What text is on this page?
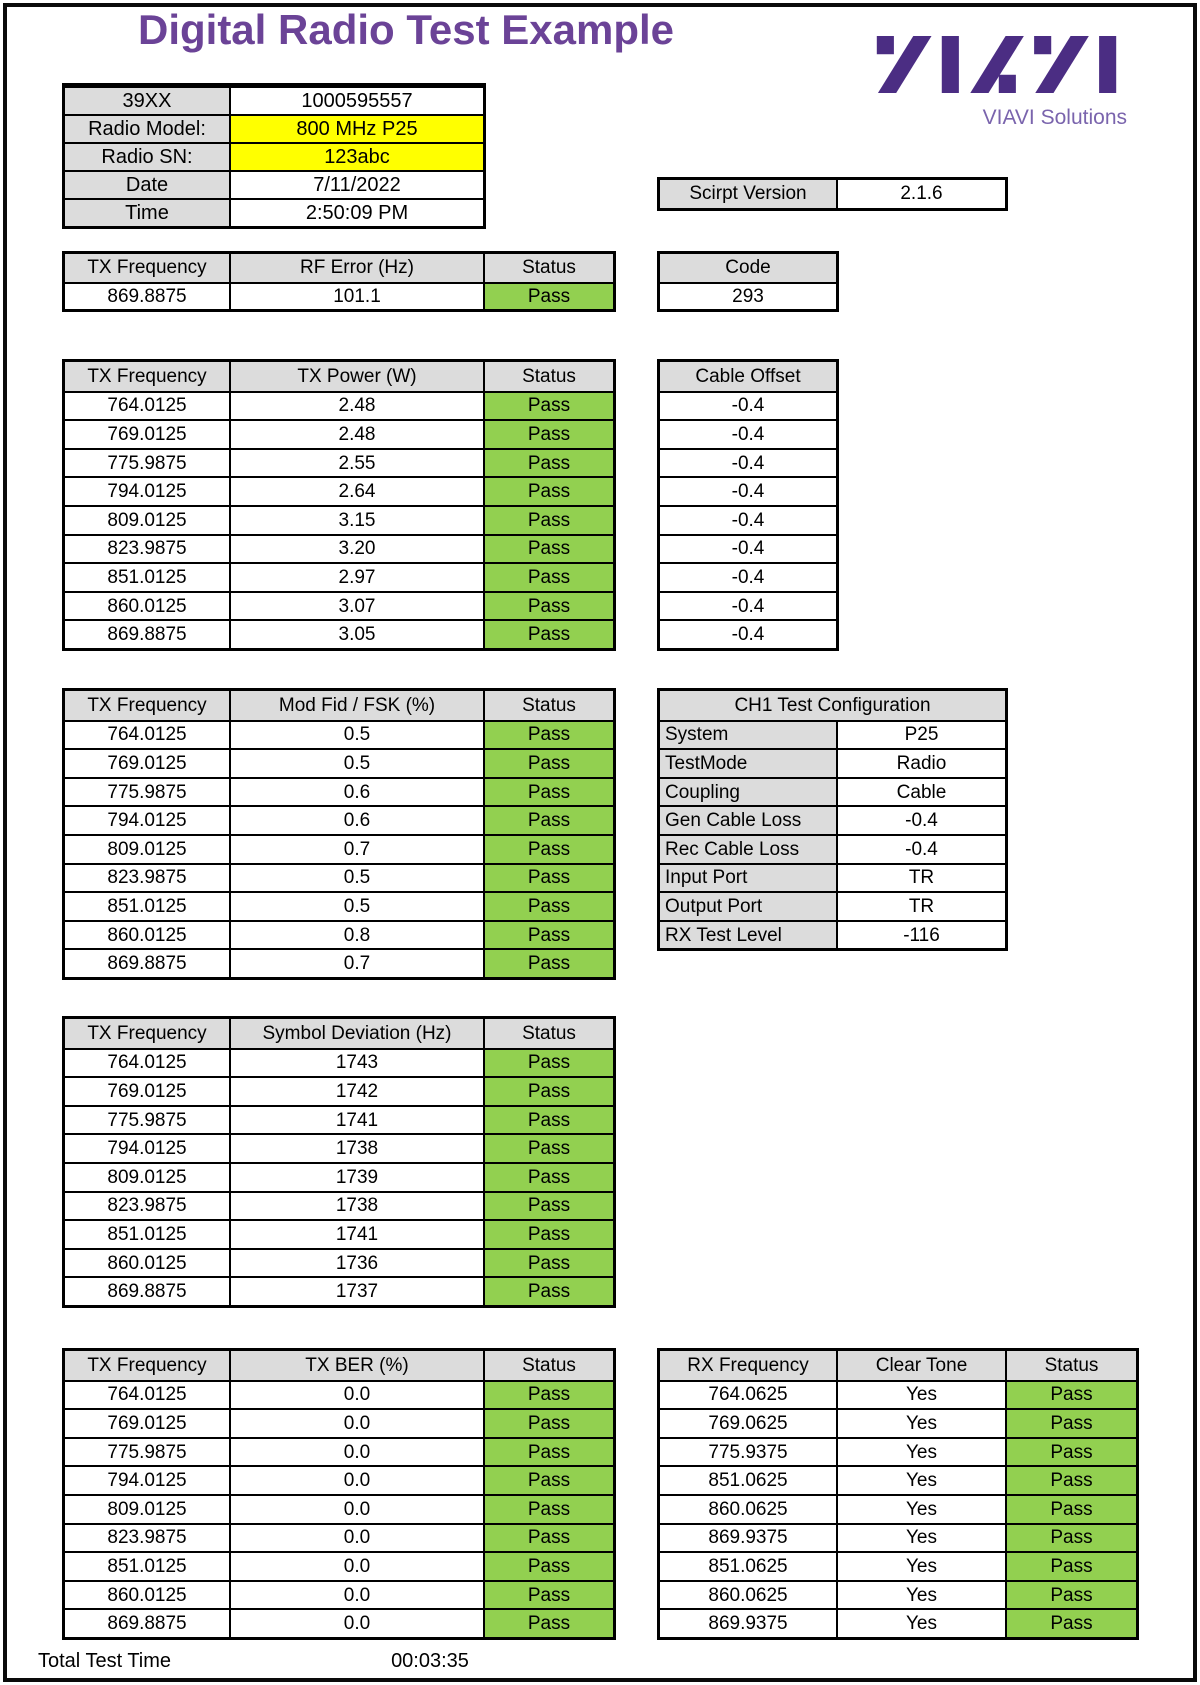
Digital Radio Test Example
VIAVI Solutions
39XX	1000595557
Radio Model:	800 MHz P25
Radio SN:	123abc
Date	7/11/2022
Time	2:50:09 PM
Scirpt Version	2.1.6
TX Frequency	RF Error (Hz)	Status
869.8875	101.1	Pass
Code
293
TX Frequency	TX Power (W)	Status
764.0125	2.48	Pass
769.0125	2.48	Pass
775.9875	2.55	Pass
794.0125	2.64	Pass
809.0125	3.15	Pass
823.9875	3.20	Pass
851.0125	2.97	Pass
860.0125	3.07	Pass
869.8875	3.05	Pass
Cable Offset
-0.4
-0.4
-0.4
-0.4
-0.4
-0.4
-0.4
-0.4
-0.4
TX Frequency	Mod Fid / FSK (%)	Status
764.0125	0.5	Pass
769.0125	0.5	Pass
775.9875	0.6	Pass
794.0125	0.6	Pass
809.0125	0.7	Pass
823.9875	0.5	Pass
851.0125	0.5	Pass
860.0125	0.8	Pass
869.8875	0.7	Pass
CH1 Test Configuration
System	P25
TestMode	Radio
Coupling	Cable
Gen Cable Loss	-0.4
Rec Cable Loss	-0.4
Input Port	TR
Output Port	TR
RX Test Level	-116
TX Frequency	Symbol Deviation (Hz)	Status
764.0125	1743	Pass
769.0125	1742	Pass
775.9875	1741	Pass
794.0125	1738	Pass
809.0125	1739	Pass
823.9875	1738	Pass
851.0125	1741	Pass
860.0125	1736	Pass
869.8875	1737	Pass
TX Frequency	TX BER (%)	Status
764.0125	0.0	Pass
769.0125	0.0	Pass
775.9875	0.0	Pass
794.0125	0.0	Pass
809.0125	0.0	Pass
823.9875	0.0	Pass
851.0125	0.0	Pass
860.0125	0.0	Pass
869.8875	0.0	Pass
RX Frequency	Clear Tone	Status
764.0625	Yes	Pass
769.0625	Yes	Pass
775.9375	Yes	Pass
851.0625	Yes	Pass
860.0625	Yes	Pass
869.9375	Yes	Pass
851.0625	Yes	Pass
860.0625	Yes	Pass
869.9375	Yes	Pass
Total Test Time	00:03:35
